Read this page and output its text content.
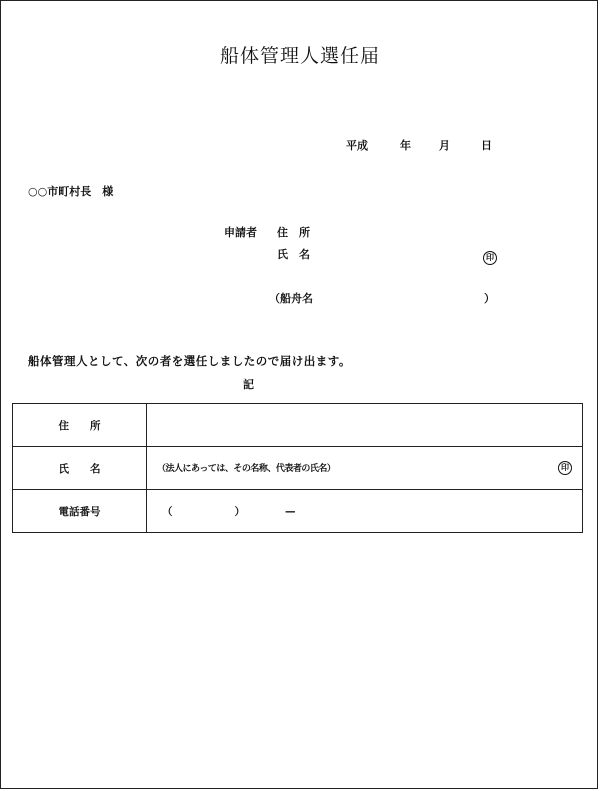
船体管理人選任届
平成	年	月	日
○○市町村長　様
申請者 住　所
氏　名	印
（船舟名	）
船体管理人として、次の者を選任しましたので届け出ます。
記
住　　所	
氏　　名	（法人にあっては、その名称、代表者の氏名） 印

電話番号	（ ） —
